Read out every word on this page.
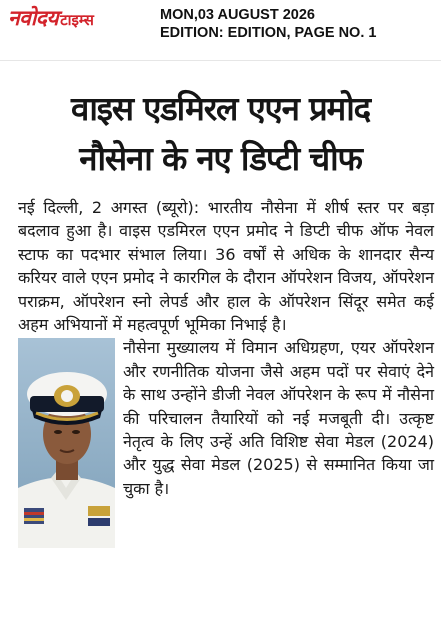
नवोदय टाइम्स	MON,03 AUGUST 2026
EDITION: EDITION, PAGE NO. 1
वाइस एडमिरल एएन प्रमोद
नौसेना के नए डिप्टी चीफ

नई दिल्ली, 2 अगस्त (ब्यूरो): भारतीय नौसेना में शीर्ष स्तर पर बड़ा बदलाव हुआ है। वाइस एडमिरल एएन प्रमोद ने डिप्टी चीफ ऑफ नेवल स्टाफ का पदभार संभाल लिया। 36 वर्षों से अधिक के शानदार सैन्य करियर वाले एएन प्रमोद ने कारगिल के दौरान ऑपरेशन विजय, ऑपरेशन पराक्रम, ऑपरेशन स्नो लेपर्ड और हाल के ऑपरेशन सिंदूर समेत कई अहम अभियानों में महत्वपूर्ण भूमिका निभाई है।

नौसेना मुख्यालय में विमान अधिग्रहण, एयर ऑपरेशन और रणनीतिक योजना जैसे अहम पदों पर सेवाएं देने के साथ उन्होंने डीजी नेवल ऑपरेशन के रूप में नौसेना की परिचालन तैयारियों को नई मजबूती दी। उत्कृष्ट नेतृत्व के लिए उन्हें अति विशिष्ट सेवा मेडल (2024) और युद्ध सेवा मेडल (2025) से सम्मानित किया जा चुका है।
